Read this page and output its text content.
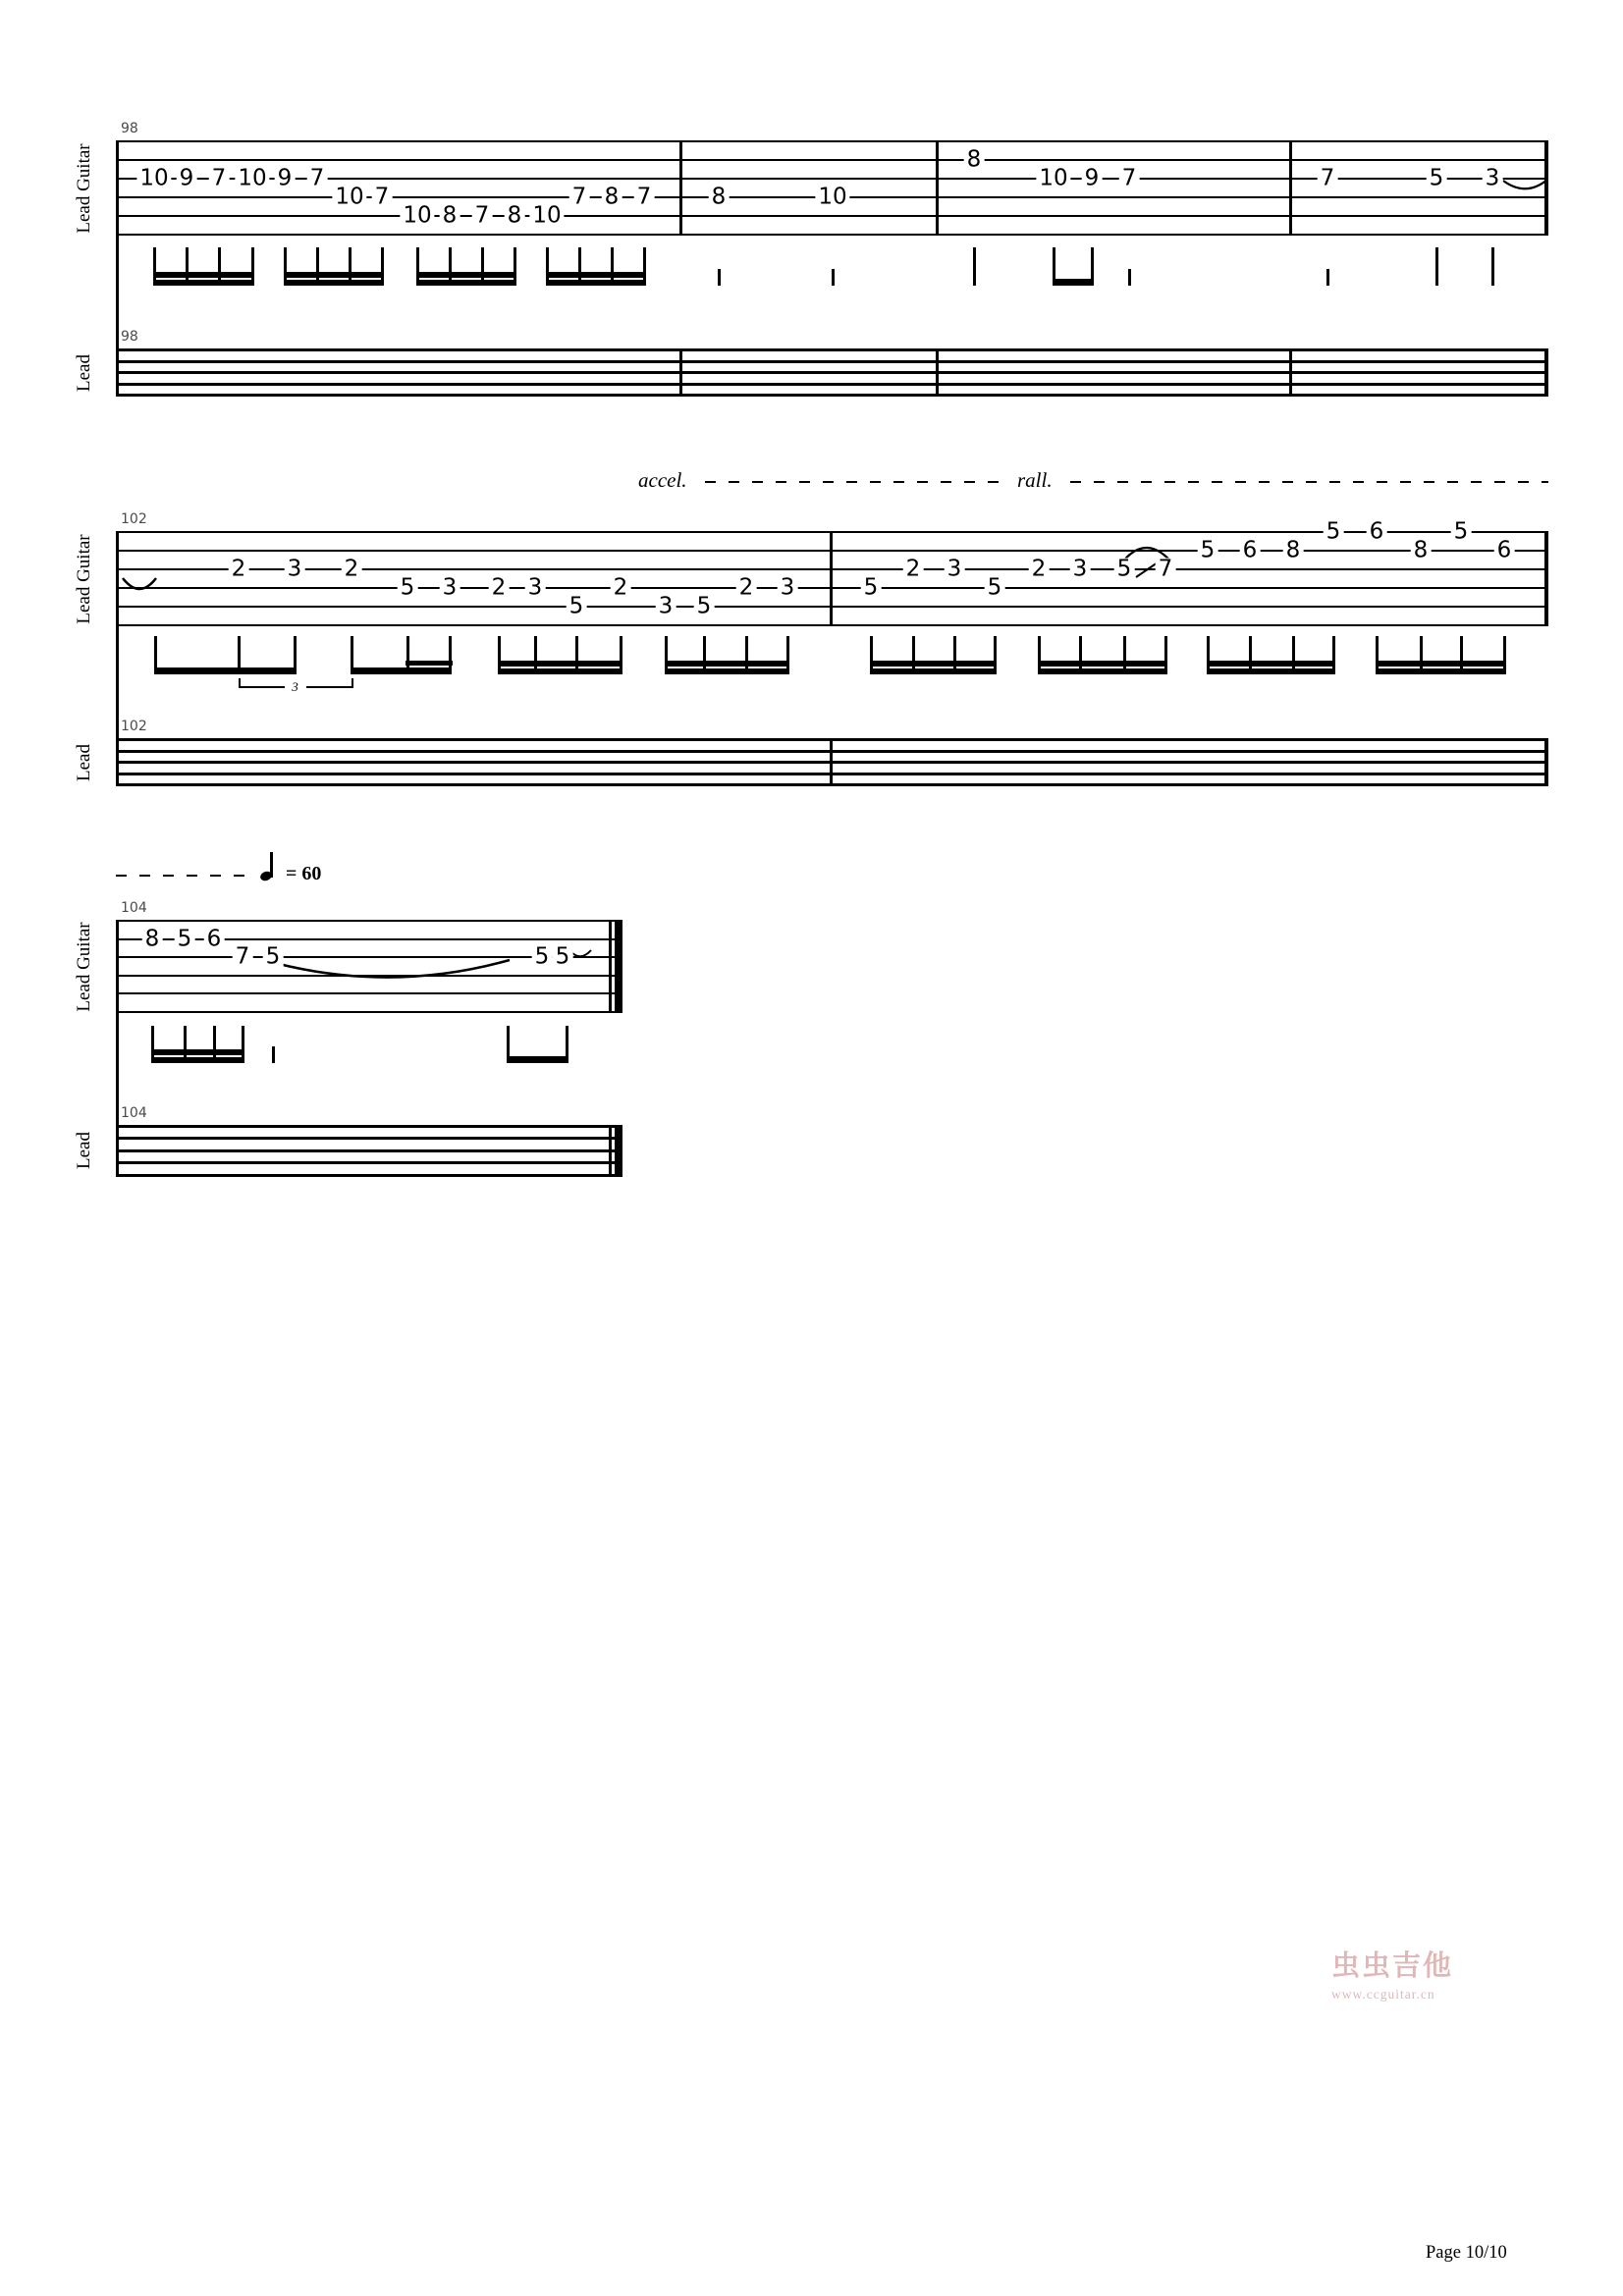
accel.	rall.
= 60
虫虫吉他
www.ccguitar.cn
Page 10/10
98
98
Lead Guitar
Lead
10 9 7 10 9 7
10 7
10 8 7 8 10
7 8 7	8	10
8
10 9 7	7	5 3
102
102
Lead Guitar
Lead
2 3 2
5 3 2 3
5
2
3 5
2 3	5
2 3
5
2 3 5 7
5 6 8
5 6
8
5
6
3
104
104
Lead Guitar
Lead
8 5 6
7 5	5 5
